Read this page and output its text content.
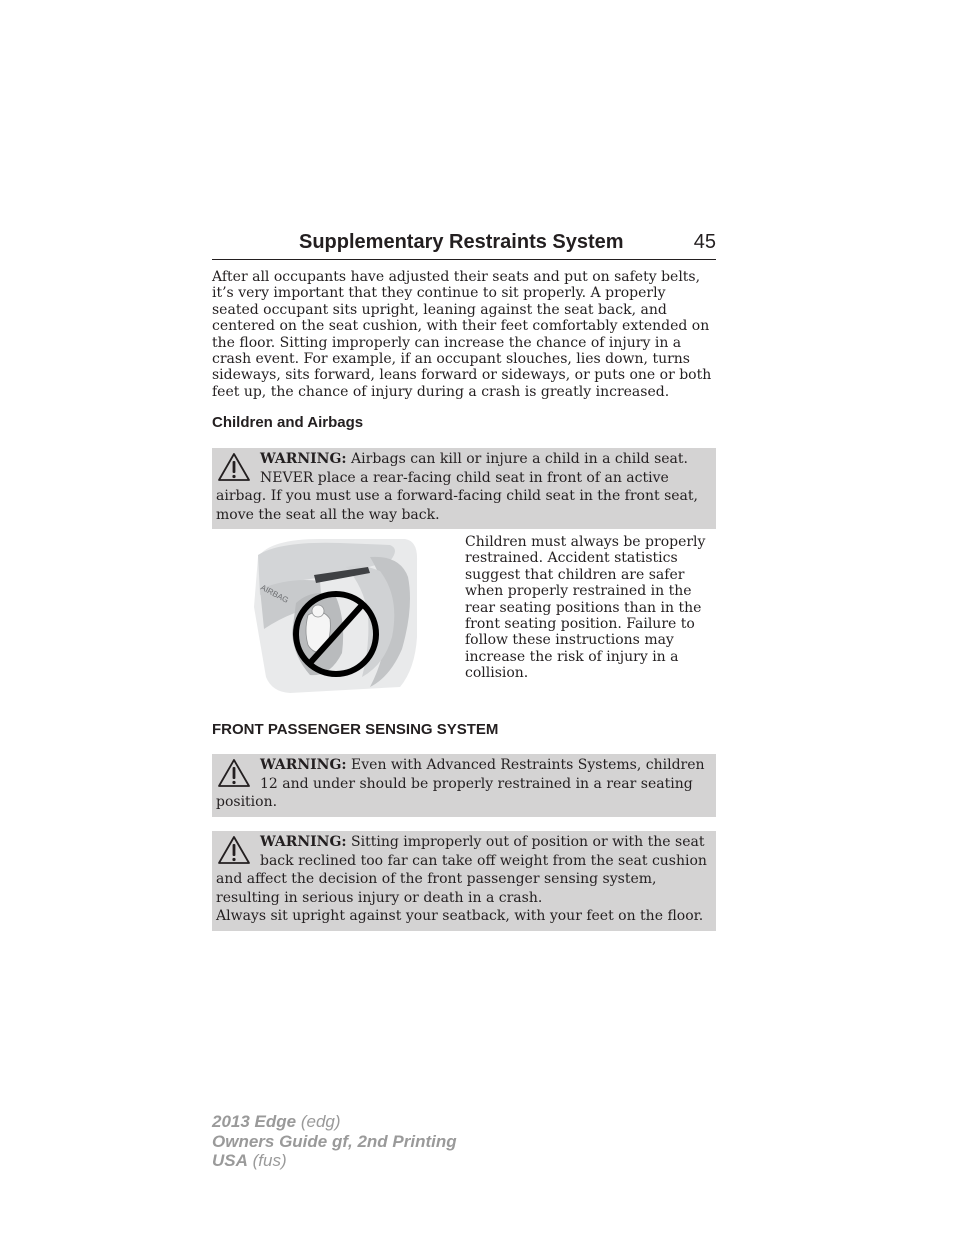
Supplementary Restraints System	45

After all occupants have adjusted their seats and put on safety belts, it’s very important that they continue to sit properly. A properly seated occupant sits upright, leaning against the seat back, and centered on the seat cushion, with their feet comfortably extended on the floor. Sitting improperly can increase the chance of injury in a crash event. For example, if an occupant slouches, lies down, turns sideways, sits forward, leans forward or sideways, or puts one or both feet up, the chance of injury during a crash is greatly increased.

Children and Airbags

WARNING: Airbags can kill or injure a child in a child seat. NEVER place a rear-facing child seat in front of an active airbag. If you must use a forward-facing child seat in the front seat, move the seat all the way back.

AIRBAG

Children must always be properly restrained. Accident statistics suggest that children are safer when properly restrained in the rear seating positions than in the front seating position. Failure to follow these instructions may increase the risk of injury in a collision.

FRONT PASSENGER SENSING SYSTEM

WARNING: Even with Advanced Restraints Systems, children 12 and under should be properly restrained in a rear seating position.

WARNING: Sitting improperly out of position or with the seat back reclined too far can take off weight from the seat cushion and affect the decision of the front passenger sensing system, resulting in serious injury or death in a crash.

Always sit upright against your seatback, with your feet on the floor.

2013 Edge (edg)
Owners Guide gf, 2nd Printing
USA (fus)
